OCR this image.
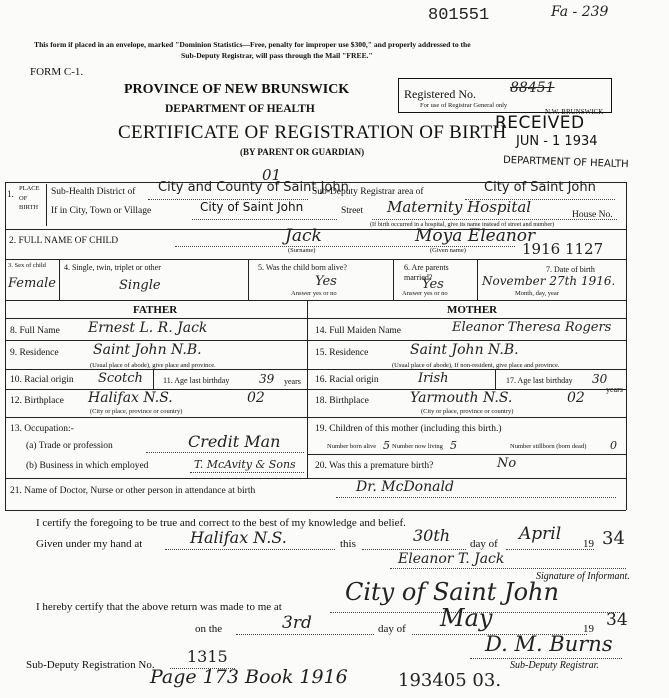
801551	Fa - 239
This form if placed in an envelope, marked "Dominion Statistics—Free, penalty for improper use $300," and properly addressed to the
Sub-Deputy Registrar, will pass through the Mail "FREE."
FORM C-1.
PROVINCE OF NEW BRUNSWICK
DEPARTMENT OF HEALTH
CERTIFICATE OF REGISTRATION OF BIRTH
(BY PARENT OR GUARDIAN)
Registered No. 88451
For use of Registrar General only
N.W. BRUNSWICK
RECEIVED
JUN - 1 1934
DEPARTMENT OF HEALTH
1.
PLACE OF BIRTH
Sub-Health District of City and County of Saint John
01
Sub-Deputy Registrar area of	City of Saint John
If in City, Town or Village	City of Saint John	Street Maternity Hospital	House No.
(If birth occurred in a hospital, give its name instead of street and number)
2. FULL NAME OF CHILD	Jack
(Surname)
Moya Eleanor
(Given name)	1916 1127
3. Sex of child
Female
4. Single, twin, triplet or other
Single
5. Was the child born alive?
Yes
Answer yes or no
6. Are parents married?
Yes
Answer yes or no
7. Date of birth
November 27th 1916.
Month, day, year
FATHER	MOTHER
8. Full Name Ernest L. R. Jack
9. Residence Saint John N.B.
(Usual place of abode), give place and province.
10. Racial origin Scotch	11. Age last birthday 39 years
12. Birthplace Halifax N.S.	02
(City or place, province or country)
13. Occupation:-
(a) Trade or profession	Credit Man
(b) Business in which employed	T. McAvity & Sons
14. Full Maiden Name	Eleanor Theresa Rogers
15. Residence	Saint John N.B.
(Usual place of abode), If non-resident, give place and province.
16. Racial origin	Irish	17. Age last birthday 30
years
18. Birthplace	Yarmouth N.S.	02
(City or place, province or country)
19. Children of this mother (including this birth.)
Number born alive 5 Number now living 5	Number stillborn (born dead) 0
20. Was this a premature birth?	No
21. Name of Doctor, Nurse or other person in attendance at birth	Dr. McDonald
I certify the foregoing to be true and correct to the best of my knowledge and belief.
Given under my hand at	Halifax N.S.	this	30th day of April 19 34
Eleanor T. Jack
Signature of Informant.
I hereby certify that the above return was made to me at
City of Saint John
on the	3rd	day of May	19 34
D. M. Burns
Sub-Deputy Registrar.
Sub-Deputy Registration No. 1315
Page 173 Book 1916	193405 03.
